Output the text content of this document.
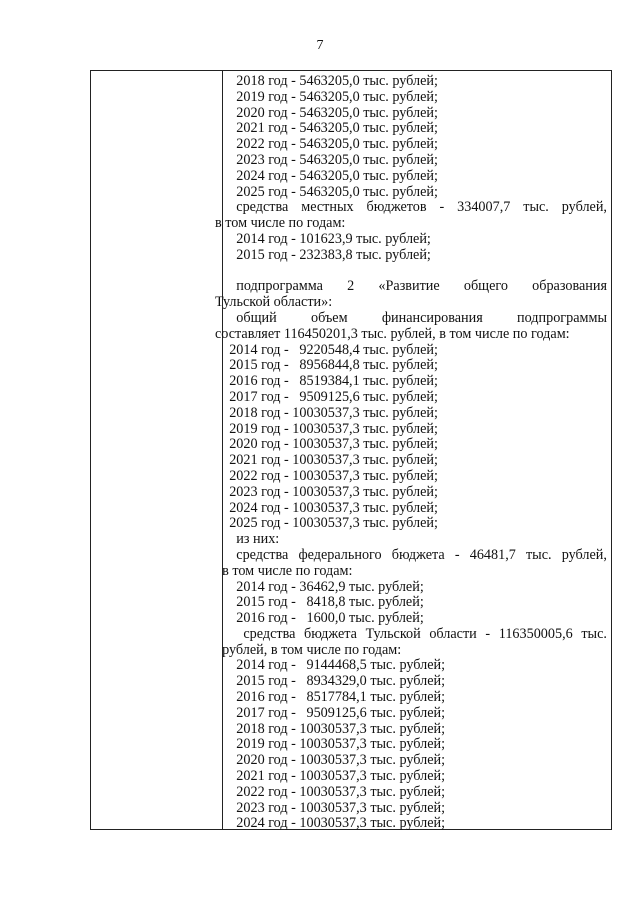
7
2018 год - 5463205,0 тыс. рублей;
2019 год - 5463205,0 тыс. рублей;
2020 год - 5463205,0 тыс. рублей;
2021 год - 5463205,0 тыс. рублей;
2022 год - 5463205,0 тыс. рублей;
2023 год - 5463205,0 тыс. рублей;
2024 год - 5463205,0 тыс. рублей;
2025 год - 5463205,0 тыс. рублей;
средства местных бюджетов - 334007,7 тыс. рублей,
в том числе по годам:
2014 год - 101623,9 тыс. рублей;
2015 год - 232383,8 тыс. рублей;
подпрограмма 2 «Развитие общего образования
Тульской области»:
общий объем финансирования подпрограммы
составляет 116450201,3 тыс. рублей, в том числе по годам:
2014 год -   9220548,4 тыс. рублей;
2015 год -   8956844,8 тыс. рублей;
2016 год -   8519384,1 тыс. рублей;
2017 год -   9509125,6 тыс. рублей;
2018 год - 10030537,3 тыс. рублей;
2019 год - 10030537,3 тыс. рублей;
2020 год - 10030537,3 тыс. рублей;
2021 год - 10030537,3 тыс. рублей;
2022 год - 10030537,3 тыс. рублей;
2023 год - 10030537,3 тыс. рублей;
2024 год - 10030537,3 тыс. рублей;
2025 год - 10030537,3 тыс. рублей;
из них:
средства федерального бюджета - 46481,7 тыс. рублей,
в том числе по годам:
2014 год - 36462,9 тыс. рублей;
2015 год -   8418,8 тыс. рублей;
2016 год -   1600,0 тыс. рублей;
средства бюджета Тульской области - 116350005,6 тыс.
рублей, в том числе по годам:
2014 год -   9144468,5 тыс. рублей;
2015 год -   8934329,0 тыс. рублей;
2016 год -   8517784,1 тыс. рублей;
2017 год -   9509125,6 тыс. рублей;
2018 год - 10030537,3 тыс. рублей;
2019 год - 10030537,3 тыс. рублей;
2020 год - 10030537,3 тыс. рублей;
2021 год - 10030537,3 тыс. рублей;
2022 год - 10030537,3 тыс. рублей;
2023 год - 10030537,3 тыс. рублей;
2024 год - 10030537,3 тыс. рублей;
